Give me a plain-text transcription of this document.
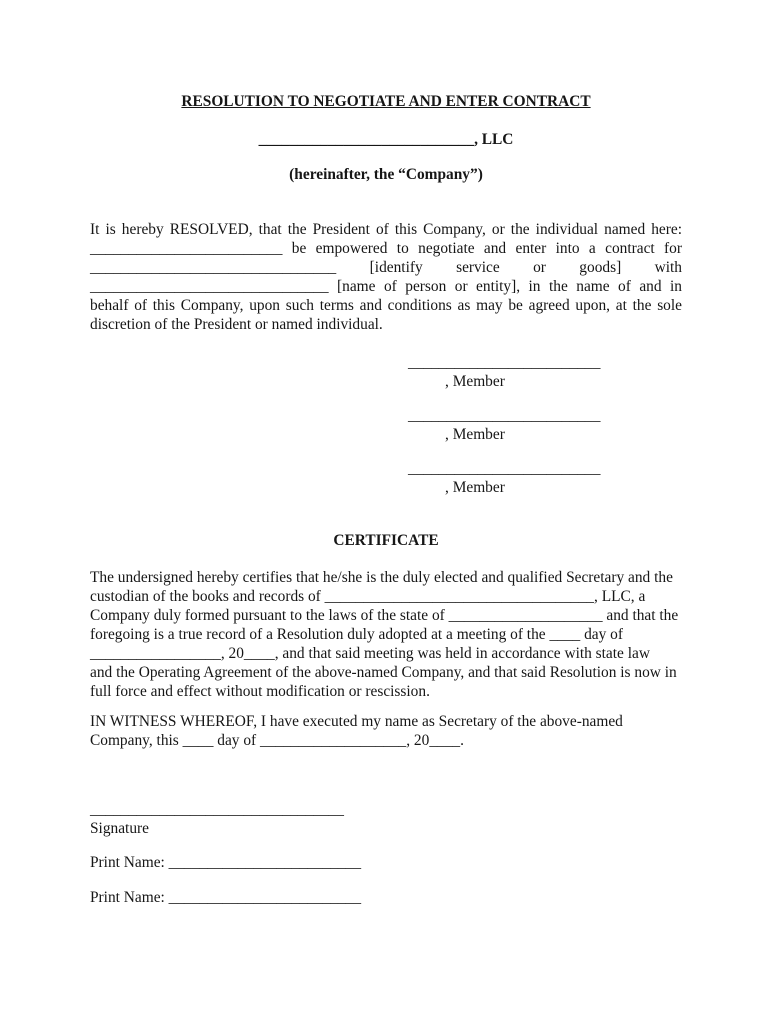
RESOLUTION TO NEGOTIATE AND ENTER CONTRACT
____________________________, LLC
(hereinafter, the “Company”)
It is hereby RESOLVED, that the President of this Company, or the individual named here:
_________________________ be empowered to negotiate and enter into a contract for
________________________________ [identify service or goods] with
_______________________________ [name of person or entity], in the name of and in
behalf of this Company, upon such terms and conditions as may be agreed upon, at the sole
discretion of the President or named individual.
_________________________
, Member
_________________________
, Member
_________________________
, Member
CERTIFICATE
The undersigned hereby certifies that he/she is the duly elected and qualified Secretary and the
custodian of the books and records of ___________________________________, LLC, a
Company duly formed pursuant to the laws of the state of ____________________ and that the
foregoing is a true record of a Resolution duly adopted at a meeting of the ____ day of
_________________, 20____, and that said meeting was held in accordance with state law
and the Operating Agreement of the above-named Company, and that said Resolution is now in
full force and effect without modification or rescission.
IN WITNESS WHEREOF, I have executed my name as Secretary of the above-named
Company, this ____ day of ___________________, 20____.
_________________________________
Signature
Print Name: _________________________
Print Name: _________________________
